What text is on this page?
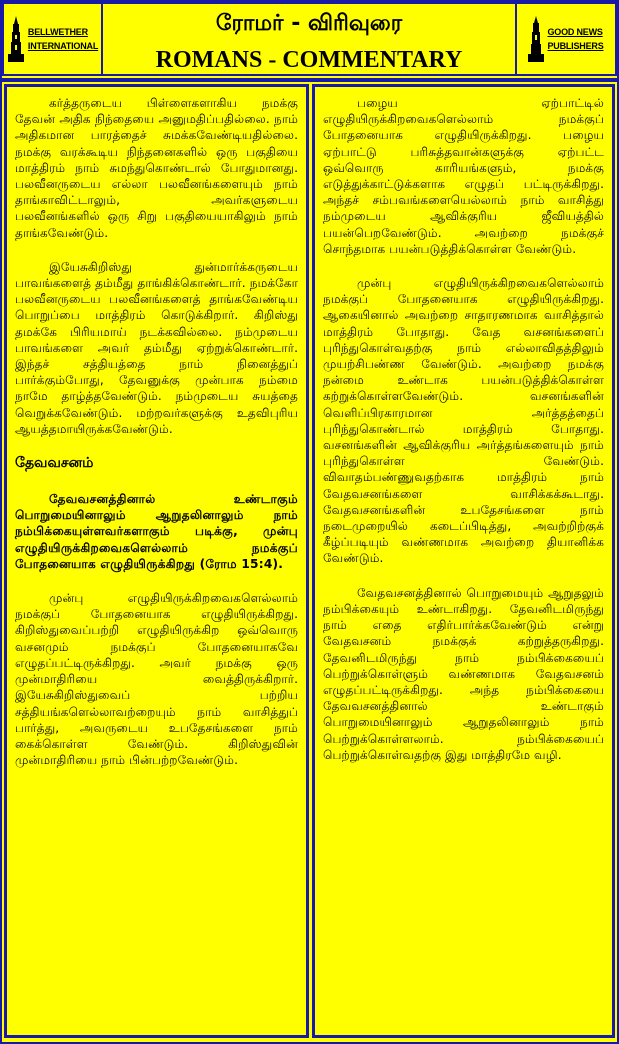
BELLWETHER
INTERNATIONAL
ரோமர் - விரிவுரை
ROMANS - COMMENTARY
GOOD NEWS
PUBLISHERS

கர்த்தருடைய பிள்ளைகளாகிய நமக்கு தேவன் அதிக நிந்தையை அனுமதிப்பதில்லை. நாம் அதிகமான பாரத்தைச் சுமக்கவேண்டியதில்லை. நமக்கு வரக்கூடிய நிந்தனைகளில் ஒரு பகுதியை மாத்திரம் நாம் சுமந்துகொண்டால் போதுமானது. பலவீனருடைய எல்லா பலவீனங்களையும் நாம் தாங்காவிட்டாலும், அவர்களுடைய பலவீனங்களில் ஒரு சிறு பகுதியையாகிலும் நாம் தாங்கவேண்டும்.

இயேசுகிறிஸ்து துன்மார்க்கருடைய பாவங்களைத் தம்மீது தாங்கிக்கொண்டார். நமக்கோ பலவீனருடைய பலவீனங்களைத் தாங்கவேண்டிய பொறுப்பை மாத்திரம் கொடுக்கிறார். கிறிஸ்து தமக்கே பிரியமாய் நடக்கவில்லை. நம்முடைய பாவங்களை அவர் தம்மீது ஏற்றுக்கொண்டார். இந்தச் சத்தியத்தை நாம் நினைத்துப் பார்க்கும்போது, தேவனுக்கு முன்பாக நம்மை நாமே தாழ்த்தவேண்டும். நம்முடைய சுயத்தை வெறுக்கவேண்டும். மற்றவர்களுக்கு உதவிபுரிய ஆயத்தமாயிருக்கவேண்டும்.

தேவவசனம்

தேவவசனத்தினால் உண்டாகும் பொறுமையினாலும் ஆறுதலினாலும் நாம் நம்பிக்கையுள்ளவர்களாகும் படிக்கு, முன்பு எழுதியிருக்கிறவைகளெல்லாம் நமக்குப் போதனையாக எழுதியிருக்கிறது (ரோம 15:4).

முன்பு எழுதியிருக்கிறவைகளெல்லாம் நமக்குப் போதனையாக எழுதியிருக்கிறது. கிறிஸ்துவைப்பற்றி எழுதியிருக்கிற ஒவ்வொரு வசனமும் நமக்குப் போதனையாகவே எழுதப்பட்டிருக்கிறது. அவர் நமக்கு ஒரு முன்மாதிரியை வைத்திருக்கிறார். இயேசுகிறிஸ்துவைப் பற்றிய சத்தியங்களெல்லாவற்றையும் நாம் வாசித்துப் பார்த்து, அவருடைய உபதேசங்களை நாம் கைக்கொள்ள வேண்டும். கிறிஸ்துவின் முன்மாதிரியை நாம் பின்பற்றவேண்டும்.

பழைய ஏற்பாட்டில் எழுதியிருக்கிறவைகளெல்லாம் நமக்குப் போதனையாக எழுதியிருக்கிறது. பழைய ஏற்பாட்டு பரிசுத்தவான்களுக்கு ஏற்பட்ட ஒவ்வொரு காரியங்களும், நமக்கு எடுத்துக்காட்டுக்களாக எழுதப் பட்டிருக்கிறது. அந்தச் சம்பவங்களையெல்லாம் நாம் வாசித்து நம்முடைய ஆவிக்குரிய ஜீவியத்தில் பயன்பெறவேண்டும். அவற்றை நமக்குச் சொந்தமாக பயன்படுத்திக்கொள்ள வேண்டும்.

முன்பு எழுதியிருக்கிறவைகளெல்லாம் நமக்குப் போதனையாக எழுதியிருக்கிறது. ஆகையினால் அவற்றை சாதாரணமாக வாசித்தால் மாத்திரம் போதாது. வேத வசனங்களைப் புரிந்துகொள்வதற்கு நாம் எல்லாவிதத்திலும் முயற்சிபண்ண வேண்டும். அவற்றை நமக்கு நன்மை உண்டாக பயன்படுத்திக்கொள்ள கற்றுக்கொள்ளவேண்டும். வசனங்களின் வெளிப்பிரகாரமான அர்த்தத்தைப் புரிந்துகொண்டால் மாத்திரம் போதாது. வசனங்களின் ஆவிக்குரிய அர்த்தங்களையும் நாம் புரிந்துகொள்ள வேண்டும். விவாதம்பண்ணுவதற்காக மாத்திரம் நாம் வேதவசனங்களை வாசிக்கக்கூடாது. வேதவசனங்களின் உபதேசங்களை நாம் நடைமுறையில் கடைப்பிடித்து, அவற்றிற்குக் கீழ்ப்படியும் வண்ணமாக அவற்றை தியானிக்க வேண்டும்.

வேதவசனத்தினால் பொறுமையும் ஆறுதலும் நம்பிக்கையும் உண்டாகிறது. தேவனிடமிருந்து நாம் எதை எதிர்பார்க்கவேண்டும் என்று வேதவசனம் நமக்குக் கற்றுத்தருகிறது. தேவனிடமிருந்து நாம் நம்பிக்கையைப் பெற்றுக்கொள்ளும் வண்ணமாக வேதவசனம் எழுதப்பட்டிருக்கிறது. அந்த நம்பிக்கையை தேவவசனத்தினால் உண்டாகும் பொறுமையினாலும் ஆறுதலினாலும் நாம் பெற்றுக்கொள்ளலாம். நம்பிக்கையைப் பெற்றுக்கொள்வதற்கு இது மாத்திரமே வழி.
